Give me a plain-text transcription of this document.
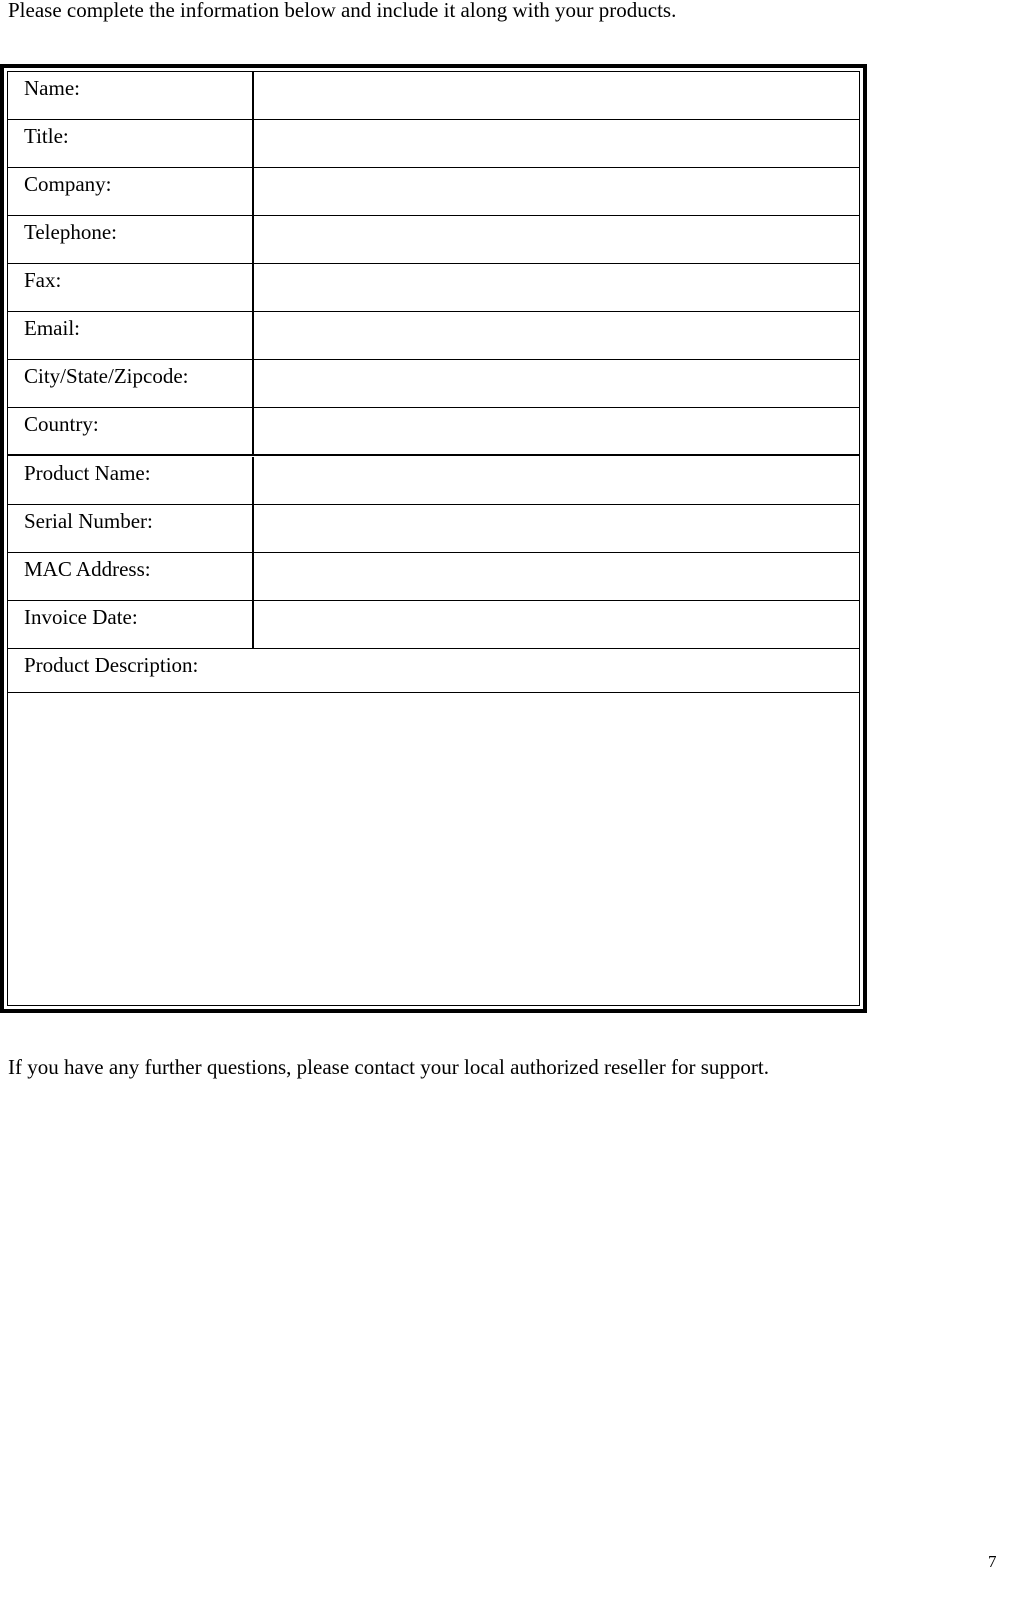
Please complete the information below and include it along with your products.
Name:
Title:
Company:
Telephone:
Fax:
Email:
City/State/Zipcode:
Country:
Product Name:
Serial Number:
MAC Address:
Invoice Date:
Product Description:
If you have any further questions, please contact your local authorized reseller for support.
7
